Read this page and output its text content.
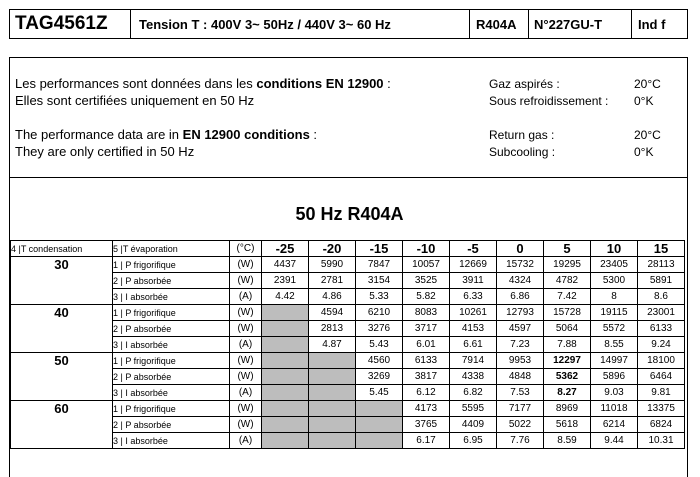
TAG4561Z	Tension T : 400V 3~ 50Hz / 440V 3~ 60 Hz	R404A	N°227GU-T	Ind f
Les performances sont données dans les conditions EN 12900 :
Elles sont certifiées uniquement en 50 Hz
The performance data are in EN 12900 conditions :
They are only certified in 50 Hz
Gaz aspirés :	20°C
Sous refroidissement : 0°K
Return gas :	20°C
Subcooling :	0°K
50 Hz R404A
4 |T condensation	5 |T évaporation	(°C)	-25	-20	-15	-10	-5	0	5	10	15
30	1 | P frigorifique	(W)	4437	5990	7847	10057	12669	15732	19295	23405	28113
	2 | P absorbée	(W)	2391	2781	3154	3525	3911	4324	4782	5300	5891
	3 | I absorbée	(A)	4.42	4.86	5.33	5.82	6.33	6.86	7.42	8	8.6
40	1 | P frigorifique	(W)		4594	6210	8083	10261	12793	15728	19115	23001
	2 | P absorbée	(W)		2813	3276	3717	4153	4597	5064	5572	6133
	3 | I absorbée	(A)		4.87	5.43	6.01	6.61	7.23	7.88	8.55	9.24
50	1 | P frigorifique	(W)			4560	6133	7914	9953	12297	14997	18100
	2 | P absorbée	(W)			3269	3817	4338	4848	5362	5896	6464
	3 | I absorbée	(A)			5.45	6.12	6.82	7.53	8.27	9.03	9.81
60	1 | P frigorifique	(W)				4173	5595	7177	8969	11018	13375
	2 | P absorbée	(W)				3765	4409	5022	5618	6214	6824
	3 | I absorbée	(A)				6.17	6.95	7.76	8.59	9.44	10.31
